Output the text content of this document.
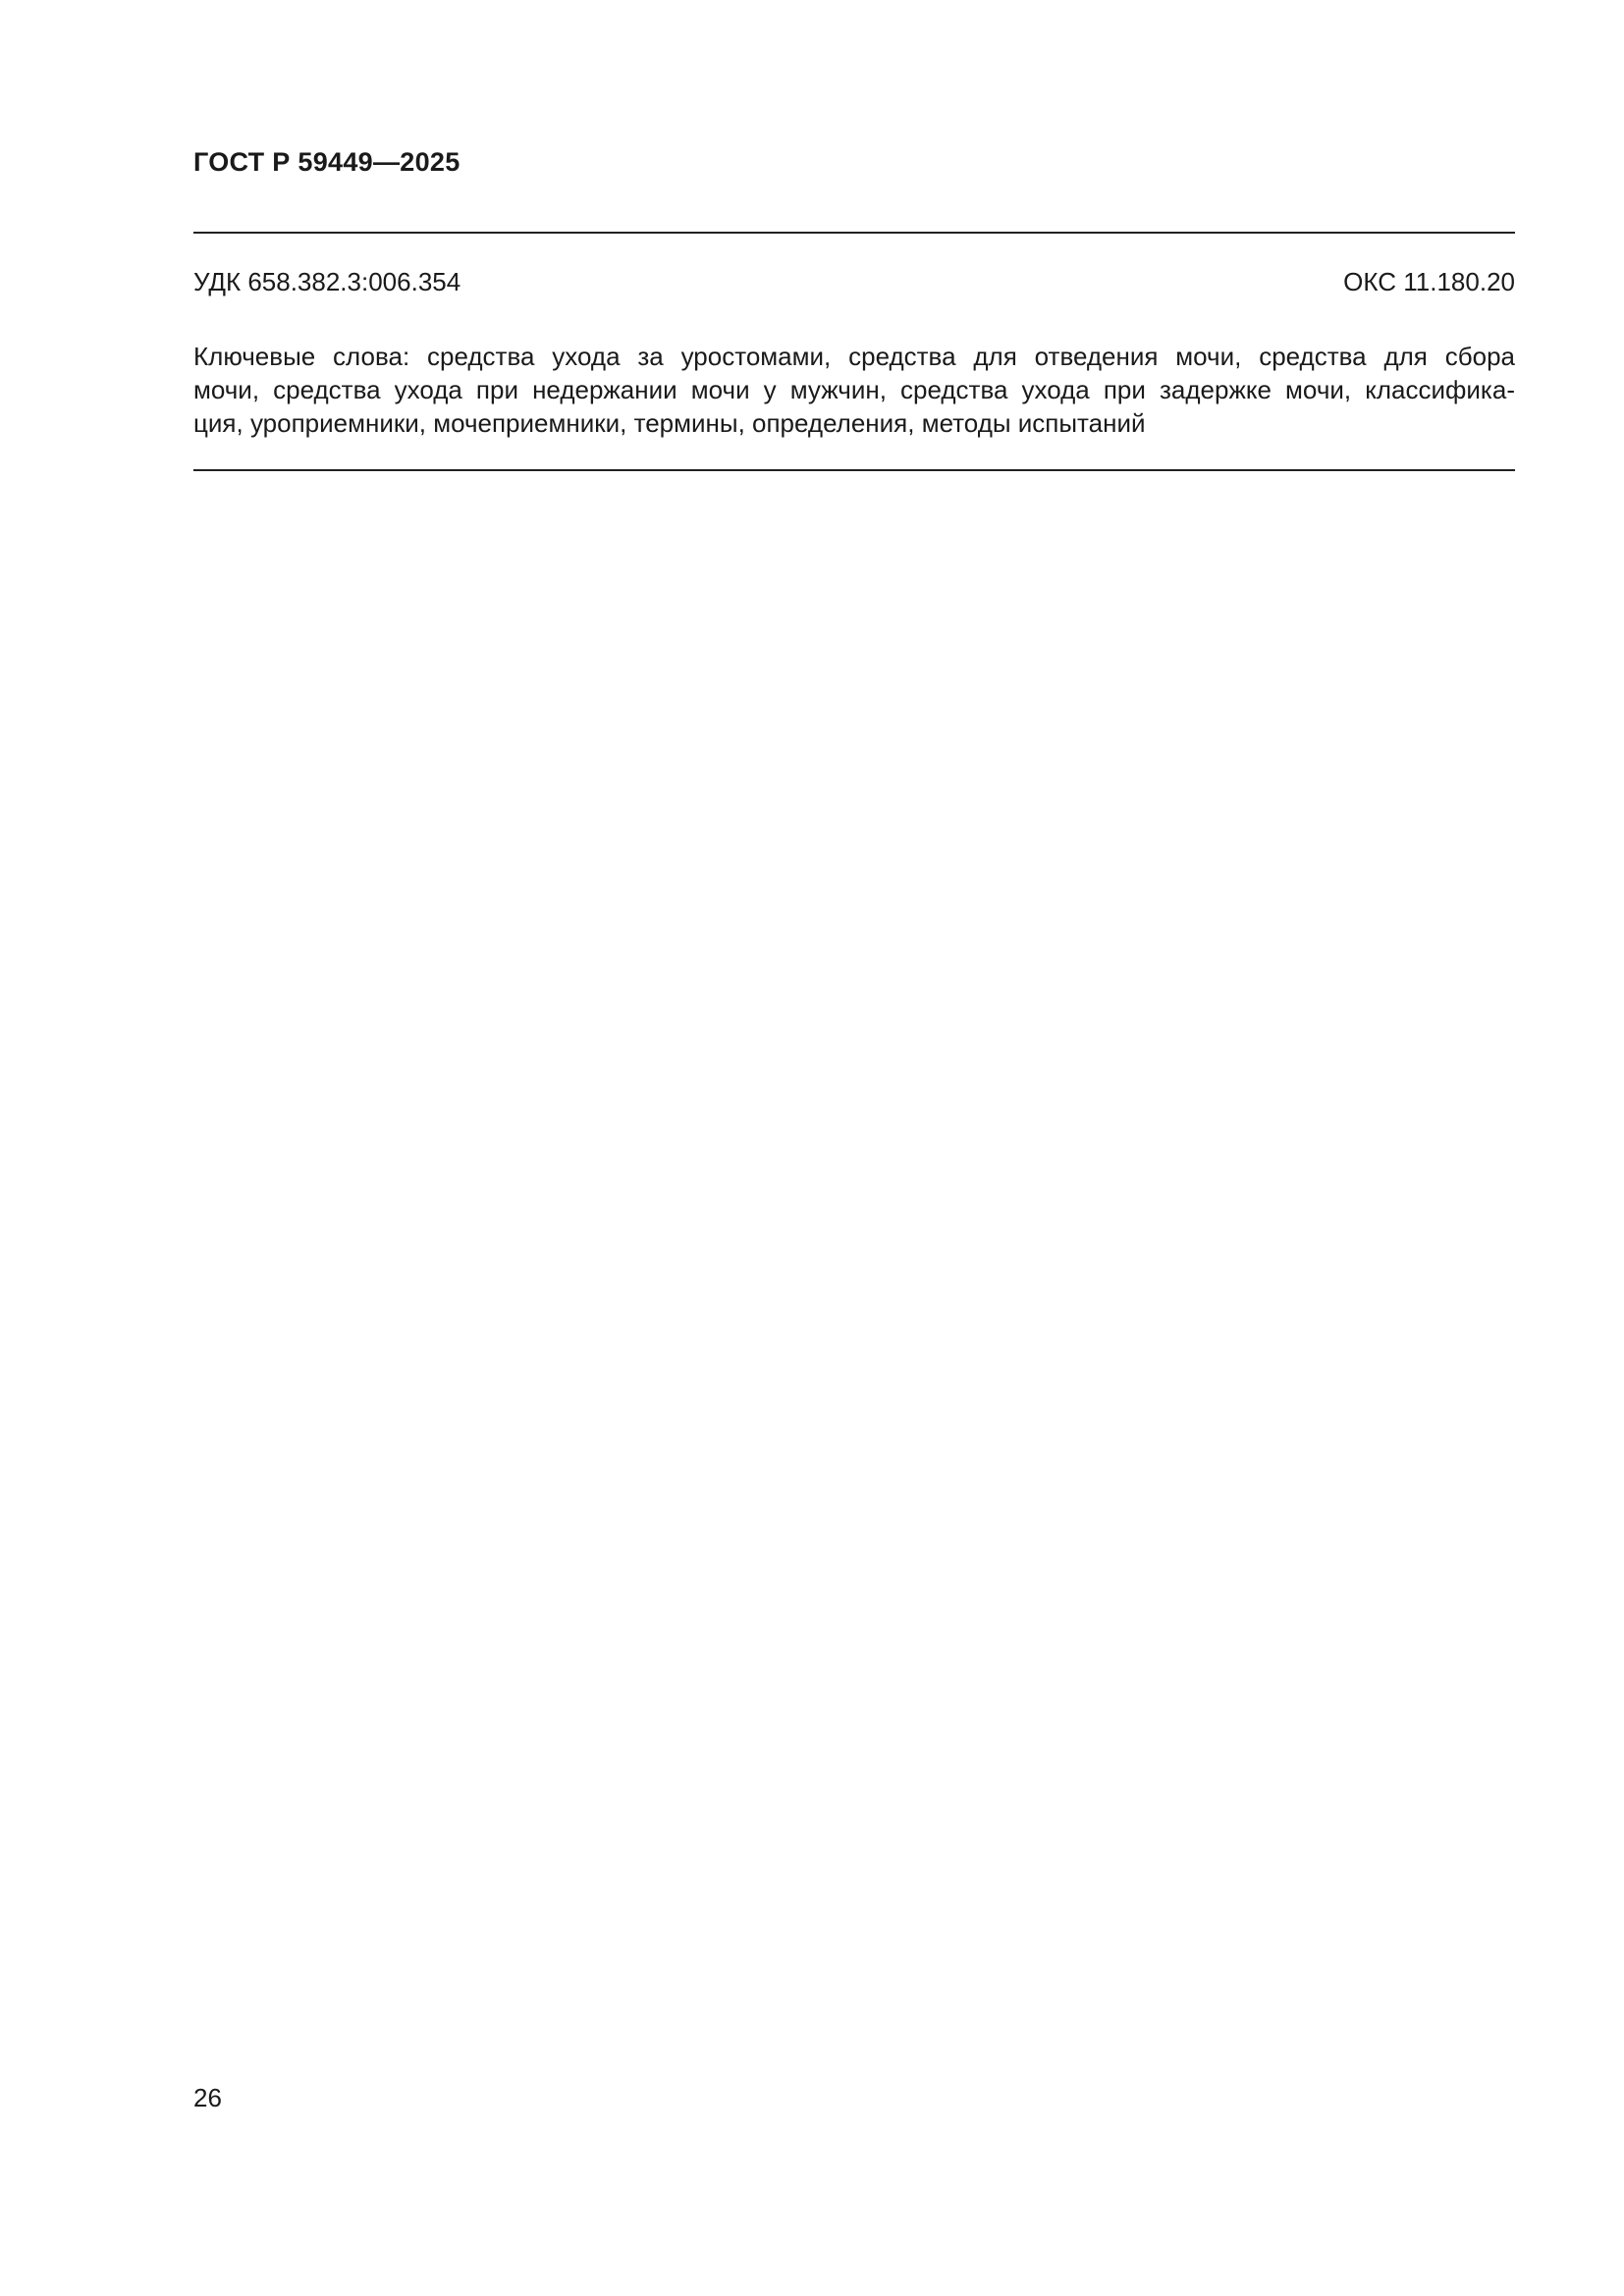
ГОСТ Р 59449—2025
УДК 658.382.3:006.354	ОКС 11.180.20
Ключевые слова: средства ухода за уростомами, средства для отведения мочи, средства для сбора
мочи, средства ухода при недержании мочи у мужчин, средства ухода при задержке мочи, классифика-
ция, уроприемники, мочеприемники, термины, определения, методы испытаний
26
